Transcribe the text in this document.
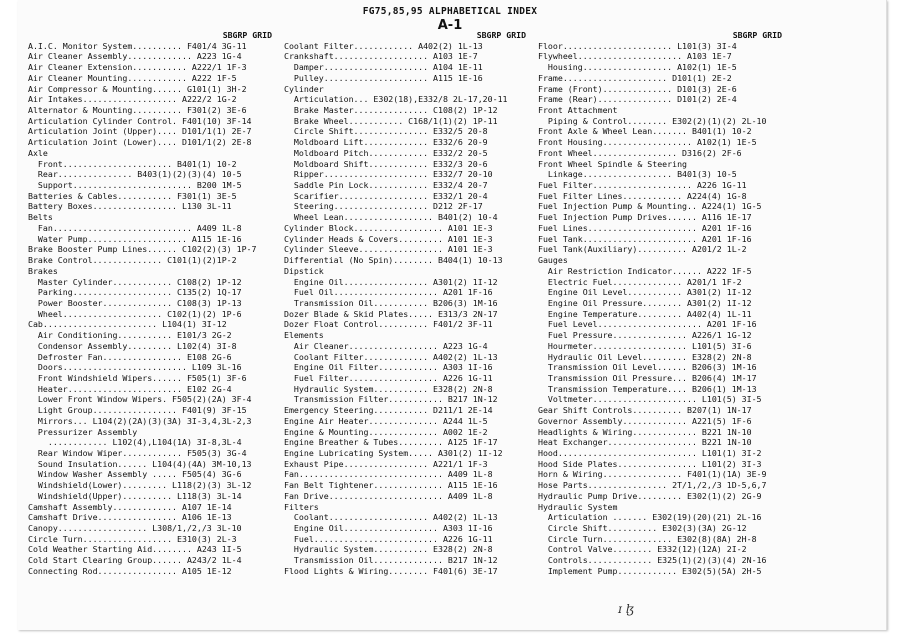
FG75,85,95 ALPHABETICAL INDEX
A-1
SBGRP GRID
A.I.C. Monitor System.......... F401/4 3G-11
Air Cleaner Assembly............. A223 1G-4
Air Cleaner Extension........... A222/1 1F-3
Air Cleaner Mounting............ A222 1F-5
Air Compressor & Mounting...... G101(1) 3H-2
Air Intakes................... A222/2 1G-2
Alternator & Mounting.......... F301(2) 3E-6
Articulation Cylinder Control. F401(10) 3F-14
Articulation Joint (Upper).... D101/1(1) 2E-7
Articulation Joint (Lower).... D101/1(2) 2E-8
Axle
Front...................... B401(1) 10-2
Rear............... B403(1)(2)(3)(4) 10-5
Support........................ B200 1M-5
Batteries & Cables........... F301(1) 3E-5
Battery Boxes................. L130 3L-11
Belts
Fan............................ A409 1L-8
Water Pump.................... A115 1E-16
Brake Booster Pump Lines...... C102(2)(3) 1P-7
Brake Control.............. C101(1)(2)1P-2
Brakes
Master Cylinder............ C108(2) 1P-12
Parking.................... C135(2) 1Q-17
Power Booster.............. C108(3) 1P-13
Wheel.................... C102(1)(2) 1P-6
Cab....................... L104(1) 3I-12
Air Conditioning........... E101/3 2G-2
Condensor Assembly......... L102(4) 3I-8
Defroster Fan................ E108 2G-6
Doors......................... L109 3L-16
Front Windshield Wipers...... F505(1) 3F-6
Heater....................... E102 2G-4
Lower Front Window Wipers. F505(2)(2A) 3F-4
Light Group................. F401(9) 3F-15
Mirrors... L104(2)(2A)(3)(3A) 3I-3,4,3L-2,3
Pressurizer Assembly
............ L102(4),L104(1A) 3I-8,3L-4
Rear Window Wiper............ F505(3) 3G-4
Sound Insulation...... L104(4)(4A) 3M-10,13
Window Washer Assembly ..... F505(4) 3G-6
Windshield(Lower)......... L118(2)(3) 3L-12
Windshield(Upper).......... L118(3) 3L-14
Camshaft Assembly............. A107 1E-14
Camshaft Drive................ A106 1E-13
Canopy.................. L308/1,/2,/3 3L-10
Circle Turn.................. E310(3) 2L-3
Cold Weather Starting Aid........ A243 1I-5
Cold Start Clearing Group...... A243/2 1L-4
Connecting Rod................ A105 1E-12
SBGRP GRID
Coolant Filter............ A402(2) 1L-13
Crankshaft................... A103 1E-7
Damper..................... A104 1E-11
Pulley..................... A115 1E-16
Cylinder
Articulation... E302(18),E332/8 2L-17,20-11
Brake Master............... C108(2) 1P-12
Brake Wheel........... C168/1(1)(2) 1P-11
Circle Shift............... E332/5 20-8
Moldboard Lift............. E332/6 20-9
Moldboard Pitch............ E332/2 20-5
Moldboard Shift............ E332/3 20-6
Ripper..................... E332/7 20-10
Saddle Pin Lock............ E332/4 20-7
Scarifier.................. E332/1 20-4
Steering................... D212 2F-17
Wheel Lean.................. B401(2) 10-4
Cylinder Block.................. A101 1E-3
Cylinder Heads & Covers......... A101 1E-3
Cylinder Sleeve................. A101 1E-3
Differential (No Spin)........ B404(1) 10-13
Dipstick
Engine Oil................. A301(2) 1I-12
Fuel Oil..................... A201 1F-16
Transmission Oil........... B206(3) 1M-16
Dozer Blade & Skid Plates..... E313/3 2N-17
Dozer Float Control.......... F401/2 3F-11
Elements
Air Cleaner.................. A223 1G-4
Coolant Filter............. A402(2) 1L-13
Engine Oil Filter............ A303 1I-16
Fuel Filter.................. A226 1G-11
Hydraulic System........... E328(2) 2N-8
Transmission Filter........... B217 1N-12
Emergency Steering........... D211/1 2E-14
Engine Air Heater.............. A244 1L-5
Engine & Mounting.............. A002 1E-2
Engine Breather & Tubes......... A125 1F-17
Engine Lubricating System..... A301(2) 1I-12
Exhaust Pipe................. A221/1 1F-3
Fan............................. A409 1L-8
Fan Belt Tightener.............. A115 1E-16
Fan Drive....................... A409 1L-8
Filters
Coolant.................... A402(2) 1L-13
Engine Oil................... A303 1I-16
Fuel......................... A226 1G-11
Hydraulic System........... E328(2) 2N-8
Transmission Oil.............. B217 1N-12
Flood Lights & Wiring........ F401(6) 3E-17
SBGRP GRID
Floor...................... L101(3) 3I-4
Flywheel..................... A103 1E-7
Housing.................. A102(1) 1E-5
Frame..................... D101(1) 2E-2
Frame (Front).............. D101(3) 2E-6
Frame (Rear)............... D101(2) 2E-4
Front Attachment
Piping & Control........ E302(2)(1)(2) 2L-10
Front Axle & Wheel Lean....... B401(1) 10-2
Front Housing.................. A102(1) 1E-5
Front Wheel................. D316(2) 2F-6
Front Wheel Spindle & Steering
Linkage.................. B401(3) 10-5
Fuel Filter.................... A226 1G-11
Fuel Filter Lines............ A224(4) 1G-8
Fuel Injection Pump & Mounting.. A224(1) 1G-5
Fuel Injection Pump Drives...... A116 1E-17
Fuel Lines...................... A201 1F-16
Fuel Tank....................... A201 1F-16
Fuel Tank(Auxiliary).......... A201/2 1L-2
Gauges
Air Restriction Indicator...... A222 1F-5
Electric Fuel.............. A201/1 1F-2
Engine Oil Level........... A301(2) 1I-12
Engine Oil Pressure........ A301(2) 1I-12
Engine Temperature......... A402(4) 1L-11
Fuel Level..................... A201 1F-16
Fuel Pressure............... A226/1 1G-12
Hourmeter................... L101(5) 3I-6
Hydraulic Oil Level......... E328(2) 2N-8
Transmission Oil Level...... B206(3) 1M-16
Transmission Oil Pressure... B206(4) 1M-17
Transmission Temperature.... B206(1) 1M-13
Voltmeter..................... L101(5) 3I-5
Gear Shift Controls.......... B207(1) 1N-17
Governor Assembly............. A221(5) 1F-6
Headlights & Wiring............. B221 1N-10
Heat Exchanger.................. B221 1N-10
Hood............................ L101(1) 3I-2
Hood Side Plates................ L101(2) 3I-3
Horn & Wiring................ F401(1)(1A) 3E-9
Hose Parts................ 2T/1,/2,/3 1D-5,6,7
Hydraulic Pump Drive......... E302(1)(2) 2G-9
Hydraulic System
Articulation ....... E302(19)(20)(21) 2L-16
Circle Shift.......... E302(3)(3A) 2G-12
Circle Turn.............. E302(8)(8A) 2H-8
Control Valve........ E332(12)(12A) 2I-2
Controls............. E325(1)(2)(3)(4) 2N-16
Implement Pump............ E302(5)(5A) 2H-5
ɪ ɮ
